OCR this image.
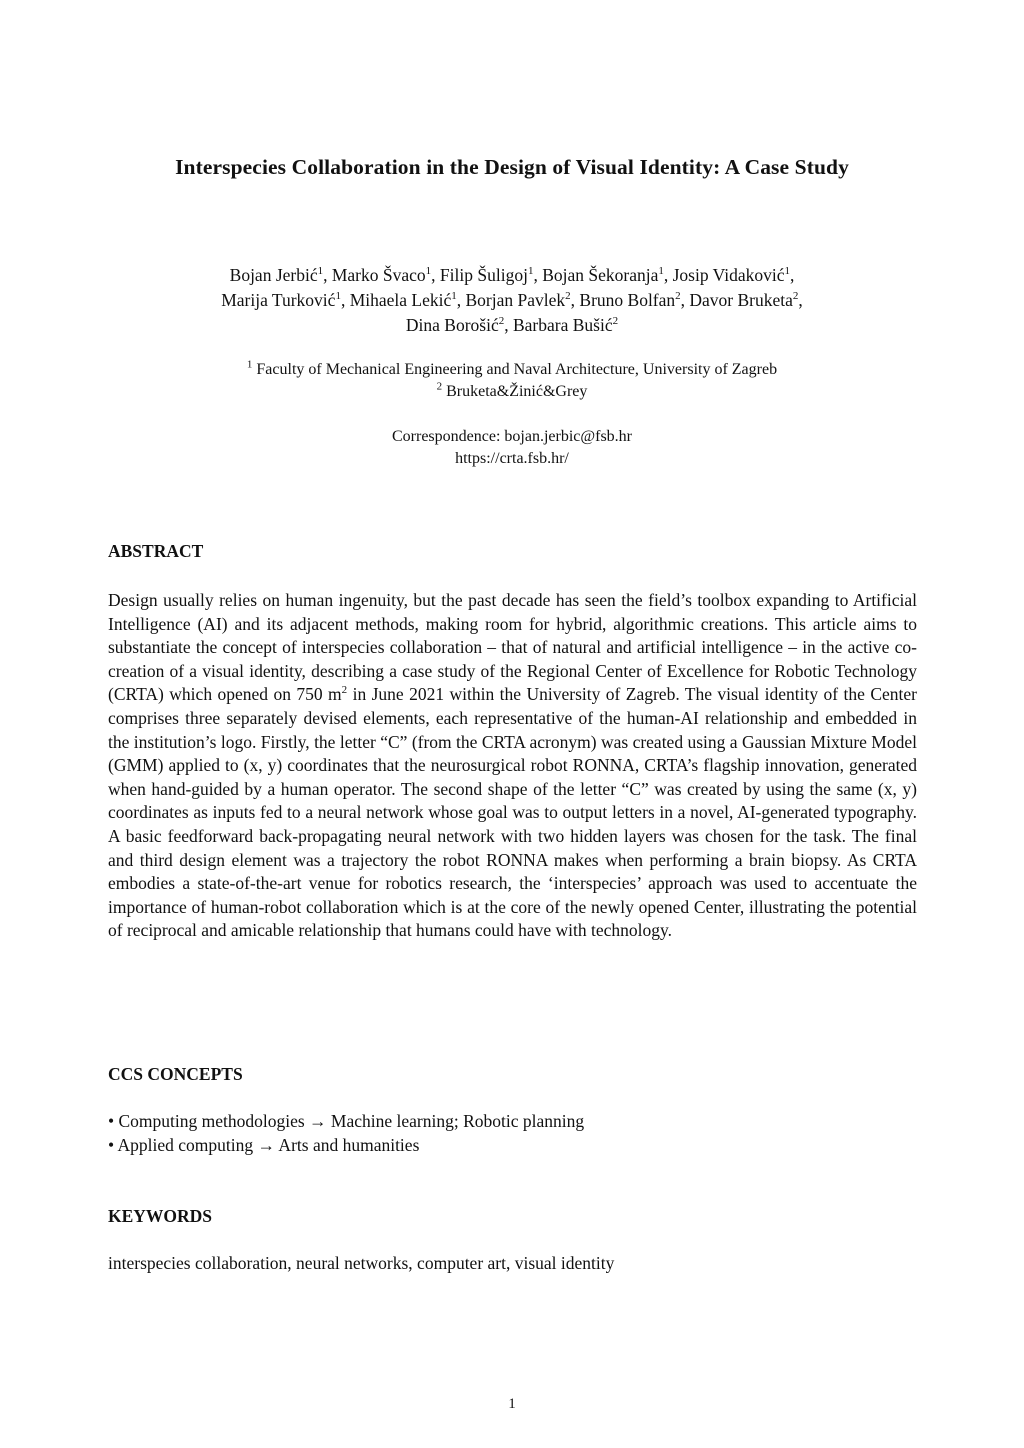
Interspecies Collaboration in the Design of Visual Identity: A Case Study
Bojan Jerbić$^1$, Marko Švaco$^1$, Filip Šuligoj$^1$, Bojan Šekoranja$^1$, Josip Vidaković$^1$,
Marija Turković$^1$, Mihaela Lekić$^1$, Borjan Pavlek$^2$, Bruno Bolfan$^2$, Davor Bruketa$^2$,
Dina Borošić$^2$, Barbara Bušić$^2$
$^1$ Faculty of Mechanical Engineering and Naval Architecture, University of Zagreb
$^2$ Bruketa&Žinić&Grey
Correspondence: bojan.jerbic@fsb.hr
https://crta.fsb.hr/
ABSTRACT
Design usually relies on human ingenuity, but the past decade has seen the field’s toolbox expanding to Artificial Intelligence (AI) and its adjacent methods, making room for hybrid, algorithmic creations. This article aims to substantiate the concept of interspecies collaboration – that of natural and artificial intelligence – in the active co-creation of a visual identity, describing a case study of the Regional Center of Excellence for Robotic Technology (CRTA) which opened on 750 $m^2$ in June 2021 within the University of Zagreb. The visual identity of the Center comprises three separately devised elements, each representative of the human-AI relationship and embedded in the institution’s logo. Firstly, the letter “C” (from the CRTA acronym) was created using a Gaussian Mixture Model (GMM) applied to (x, y) coordinates that the neurosurgical robot RONNA, CRTA’s flagship innovation, generated when hand-guided by a human operator. The second shape of the letter “C” was created by using the same (x, y) coordinates as inputs fed to a neural network whose goal was to output letters in a novel, AI-generated typography. A basic feedforward back-propagating neural network with two hidden layers was chosen for the task. The final and third design element was a trajectory the robot RONNA makes when performing a brain biopsy. As CRTA embodies a state-of-the-art venue for robotics research, the ‘interspecies’ approach was used to accentuate the importance of human-robot collaboration which is at the core of the newly opened Center, illustrating the potential of reciprocal and amicable relationship that humans could have with technology.
CCS CONCEPTS
• Computing methodologies → Machine learning; Robotic planning
• Applied computing → Arts and humanities
KEYWORDS
interspecies collaboration, neural networks, computer art, visual identity
1
